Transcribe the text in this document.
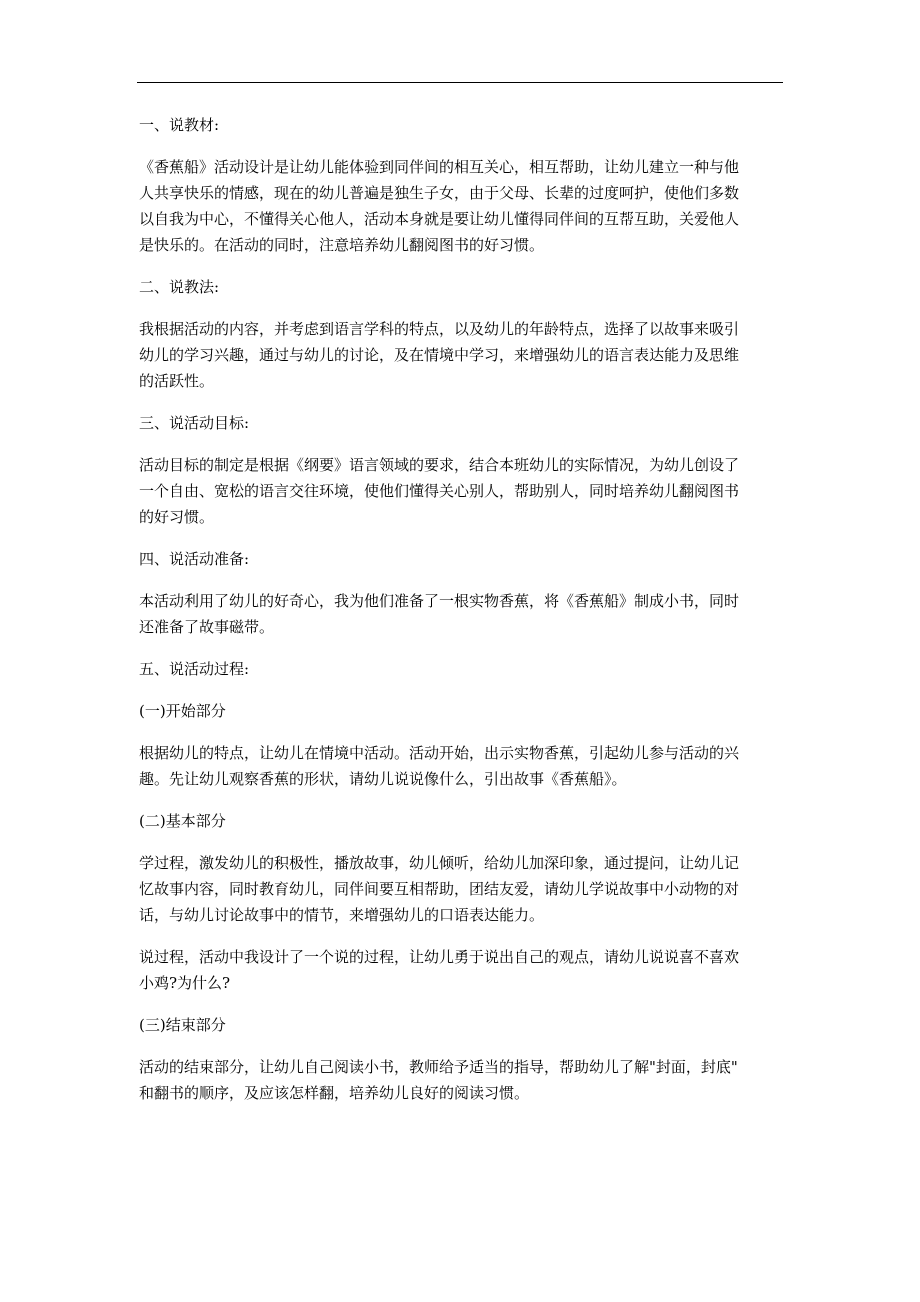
一、说教材:

《香蕉船》活动设计是让幼儿能体验到同伴间的相互关心，相互帮助，让幼儿建立一种与他
人共享快乐的情感，现在的幼儿普遍是独生子女，由于父母、长辈的过度呵护，使他们多数
以自我为中心，不懂得关心他人，活动本身就是要让幼儿懂得同伴间的互帮互助，关爱他人
是快乐的。在活动的同时，注意培养幼儿翻阅图书的好习惯。

二、说教法:

我根据活动的内容，并考虑到语言学科的特点，以及幼儿的年龄特点，选择了以故事来吸引
幼儿的学习兴趣，通过与幼儿的讨论，及在情境中学习，来增强幼儿的语言表达能力及思维
的活跃性。

三、说活动目标:

活动目标的制定是根据《纲要》语言领域的要求，结合本班幼儿的实际情况，为幼儿创设了
一个自由、宽松的语言交往环境，使他们懂得关心别人，帮助别人，同时培养幼儿翻阅图书
的好习惯。

四、说活动准备:

本活动利用了幼儿的好奇心，我为他们准备了一根实物香蕉，将《香蕉船》制成小书，同时
还准备了故事磁带。

五、说活动过程:

(一)开始部分

根据幼儿的特点，让幼儿在情境中活动。活动开始，出示实物香蕉，引起幼儿参与活动的兴
趣。先让幼儿观察香蕉的形状，请幼儿说说像什么，引出故事《香蕉船》。

(二)基本部分

学过程，激发幼儿的积极性，播放故事，幼儿倾听，给幼儿加深印象，通过提问，让幼儿记
忆故事内容，同时教育幼儿，同伴间要互相帮助，团结友爱，请幼儿学说故事中小动物的对
话，与幼儿讨论故事中的情节，来增强幼儿的口语表达能力。

说过程，活动中我设计了一个说的过程，让幼儿勇于说出自己的观点，请幼儿说说喜不喜欢
小鸡?为什么?

(三)结束部分

活动的结束部分，让幼儿自己阅读小书，教师给予适当的指导，帮助幼儿了解"封面，封底"
和翻书的顺序，及应该怎样翻，培养幼儿良好的阅读习惯。
